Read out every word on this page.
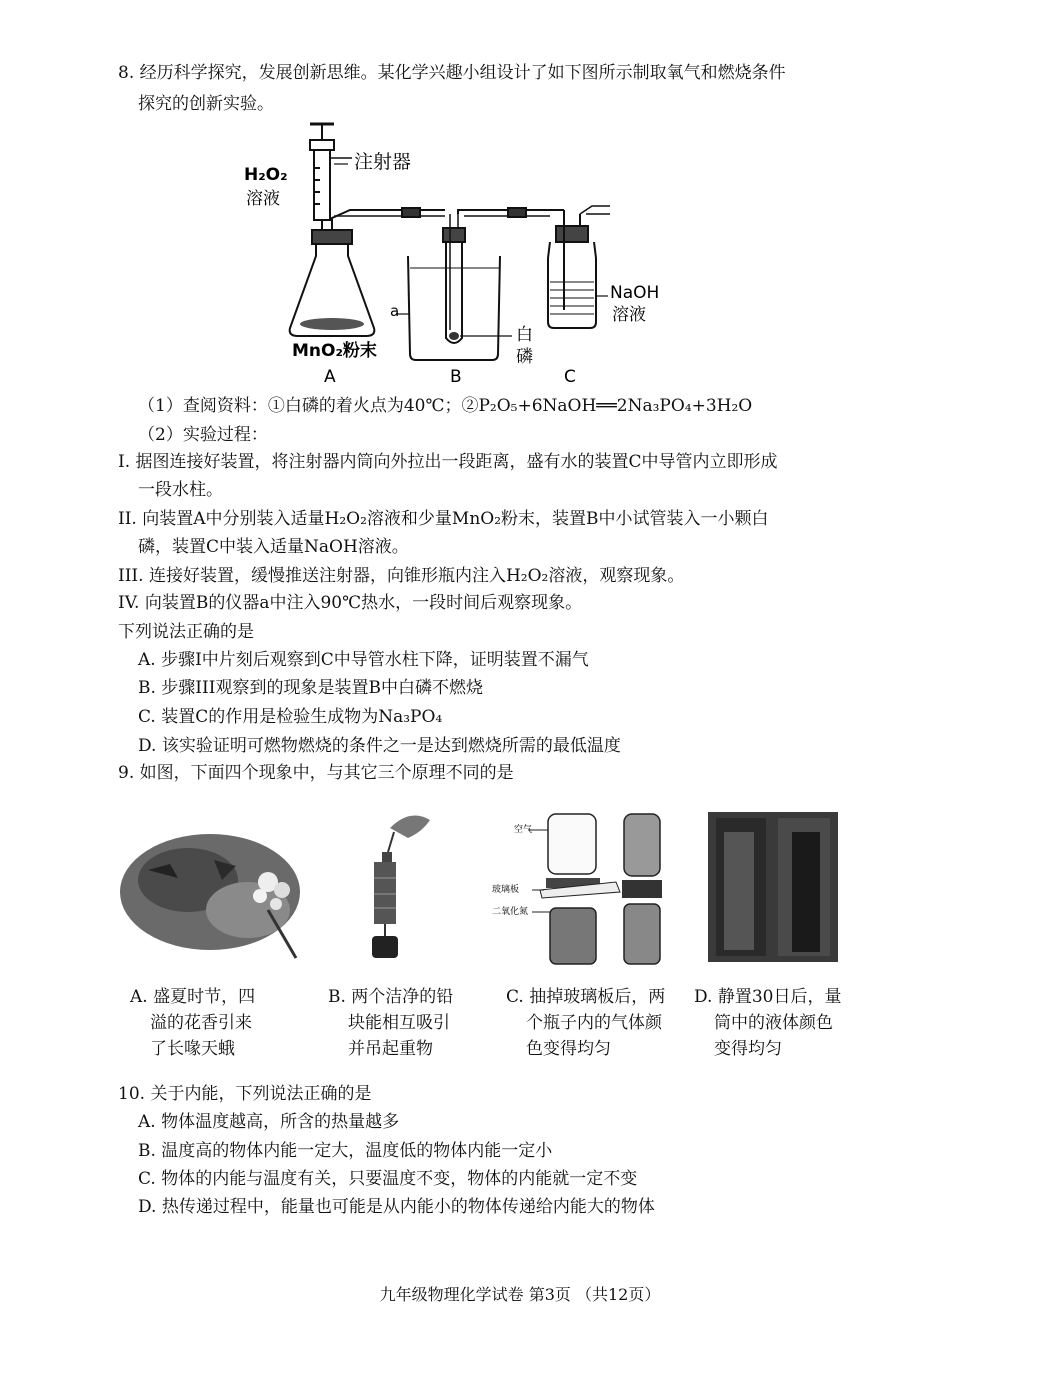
8. 经历科学探究，发展创新思维。某化学兴趣小组设计了如下图所示制取氧气和燃烧条件
探究的创新实验。
注射器
H₂O₂
溶液
MnO₂粉末
a
白
磷
NaOH
溶液
A	B	C
（1）查阅资料：①白磷的着火点为40℃；②P₂O₅+6NaOH══2Na₃PO₄+3H₂O
（2）实验过程：
I. 据图连接好装置，将注射器内筒向外拉出一段距离，盛有水的装置C中导管内立即形成
一段水柱。
II. 向装置A中分别装入适量H₂O₂溶液和少量MnO₂粉末，装置B中小试管装入一小颗白
磷，装置C中装入适量NaOH溶液。
III. 连接好装置，缓慢推送注射器，向锥形瓶内注入H₂O₂溶液，观察现象。
IV. 向装置B的仪器a中注入90℃热水，一段时间后观察现象。
下列说法正确的是
A. 步骤I中片刻后观察到C中导管水柱下降，证明装置不漏气
B. 步骤III观察到的现象是装置B中白磷不燃烧
C. 装置C的作用是检验生成物为Na₃PO₄
D. 该实验证明可燃物燃烧的条件之一是达到燃烧所需的最低温度
9. 如图，下面四个现象中，与其它三个原理不同的是
空气
玻璃板
二氧化氮
A. 盛夏时节，四
溢的花香引来
了长喙天蛾
B. 两个洁净的铅
块能相互吸引
并吊起重物
C. 抽掉玻璃板后，两
个瓶子内的气体颜
色变得均匀
D. 静置30日后，量
筒中的液体颜色
变得均匀
10. 关于内能，下列说法正确的是
A. 物体温度越高，所含的热量越多
B. 温度高的物体内能一定大，温度低的物体内能一定小
C. 物体的内能与温度有关，只要温度不变，物体的内能就一定不变
D. 热传递过程中，能量也可能是从内能小的物体传递给内能大的物体
九年级物理化学试卷 第3页 （共12页）
